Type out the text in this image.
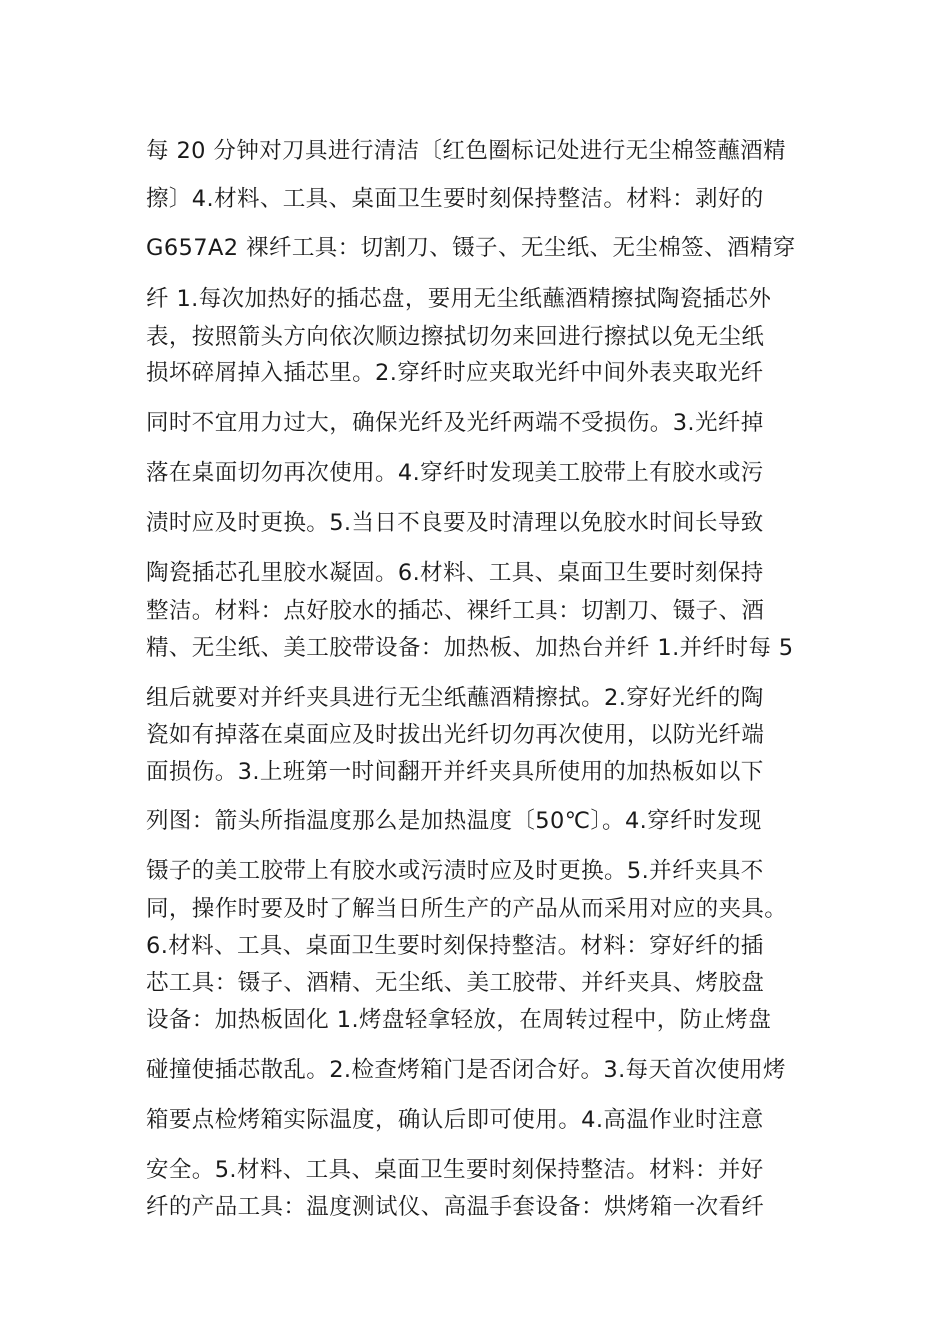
每 20 分钟对刀具进行清洁〔红色圈标记处进行无尘棉签蘸酒精
擦〕4.材料、工具、桌面卫生要时刻保持整洁。材料：剥好的
G657A2 裸纤工具：切割刀、镊子、无尘纸、无尘棉签、酒精穿
纤 1.每次加热好的插芯盘，要用无尘纸蘸酒精擦拭陶瓷插芯外
表，按照箭头方向依次顺边擦拭切勿来回进行擦拭以免无尘纸
损坏碎屑掉入插芯里。2.穿纤时应夹取光纤中间外表夹取光纤
同时不宜用力过大，确保光纤及光纤两端不受损伤。3.光纤掉
落在桌面切勿再次使用。4.穿纤时发现美工胶带上有胶水或污
渍时应及时更换。5.当日不良要及时清理以免胶水时间长导致
陶瓷插芯孔里胶水凝固。6.材料、工具、桌面卫生要时刻保持
整洁。材料：点好胶水的插芯、裸纤工具：切割刀、镊子、酒
精、无尘纸、美工胶带设备：加热板、加热台并纤 1.并纤时每 5
组后就要对并纤夹具进行无尘纸蘸酒精擦拭。2.穿好光纤的陶
瓷如有掉落在桌面应及时拔出光纤切勿再次使用，以防光纤端
面损伤。3.上班第一时间翻开并纤夹具所使用的加热板如以下
列图：箭头所指温度那么是加热温度〔50℃〕。4.穿纤时发现
镊子的美工胶带上有胶水或污渍时应及时更换。5.并纤夹具不
同，操作时要及时了解当日所生产的产品从而采用对应的夹具。
6.材料、工具、桌面卫生要时刻保持整洁。材料：穿好纤的插
芯工具：镊子、酒精、无尘纸、美工胶带、并纤夹具、烤胶盘
设备：加热板固化 1.烤盘轻拿轻放，在周转过程中，防止烤盘
碰撞使插芯散乱。2.检查烤箱门是否闭合好。3.每天首次使用烤
箱要点检烤箱实际温度，确认后即可使用。4.高温作业时注意
安全。5.材料、工具、桌面卫生要时刻保持整洁。材料：并好
纤的产品工具：温度测试仪、高温手套设备：烘烤箱一次看纤
